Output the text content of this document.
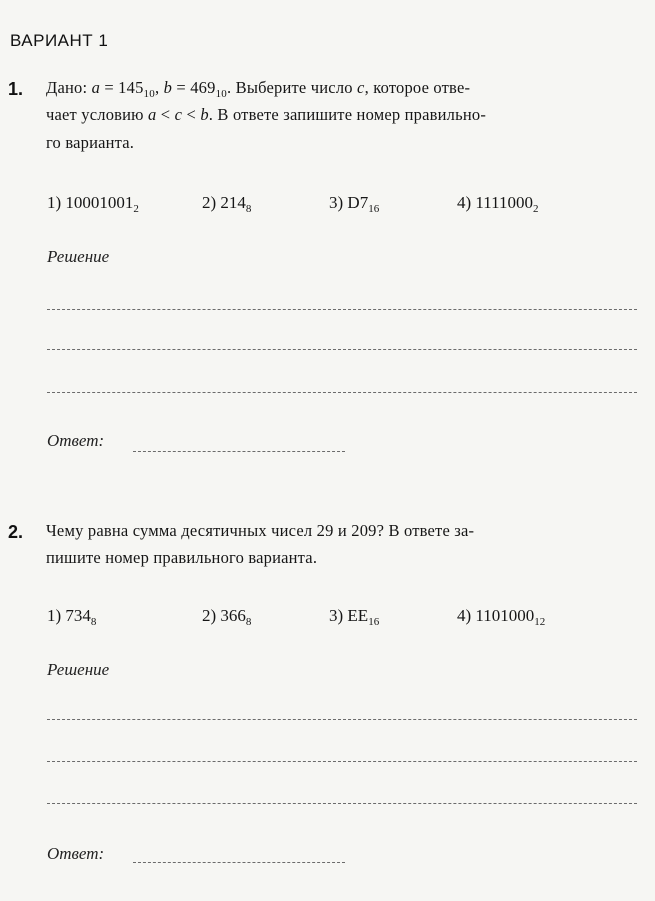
ВАРИАНТ 1
1. Дано: $a = 145_{10}$, $b = 469_{10}$. Выберите число c, которое отве-
чает условию a < c < b. В ответе запишите номер правильно-
го варианта.
1) $10001001_2$	2) $214_8$	3) $D7_{16}$	4) $1111000_2$
Решение
Ответ:
2. Чему равна сумма десятичных чисел 29 и 209? В ответе за-
пишите номер правильного варианта.
1) $734_8$	2) $366_8$	3) $EE_{16}$	4) $1101000_{12}$
Решение
Ответ:
